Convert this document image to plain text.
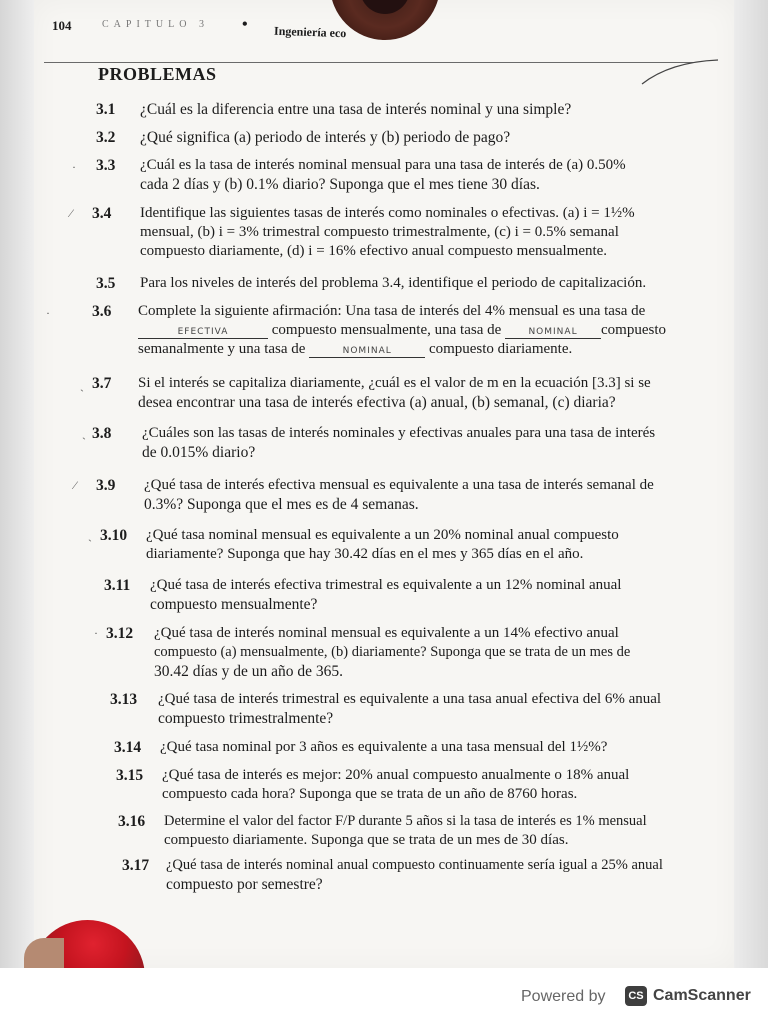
104	CAPITULO 3 • Ingeniería eco
PROBLEMAS
3.1 ¿Cuál es la diferencia entre una tasa de interés nominal y una simple?
3.2 ¿Qué significa (a) periodo de interés y (b) periodo de pago?
3.3 ¿Cuál es la tasa de interés nominal mensual para una tasa de interés de (a) 0.50%
cada 2 días y (b) 0.1% diario? Suponga que el mes tiene 30 días.
·
3.4 Identifique las siguientes tasas de interés como nominales o efectivas. (a) i = 1½%
mensual, (b) i = 3% trimestral compuesto trimestralmente, (c) i = 0.5% semanal
compuesto diariamente, (d) i = 16% efectivo anual compuesto mensualmente.
⁄
3.5 Para los niveles de interés del problema 3.4, identifique el periodo de capitalización.
3.6 Complete la siguiente afirmación: Una tasa de interés del 4% mensual es una tasa de
EFECTIVA	compuesto mensualmente, una tasa de	NOMINAL compuesto
semanalmente y una tasa de	NOMINAL compuesto diariamente.
·
3.7 Si el interés se capitaliza diariamente, ¿cuál es el valor de m en la ecuación [3.3] si se
desea encontrar una tasa de interés efectiva (a) anual, (b) semanal, (c) diaria?
ˎ
3.8 ¿Cuáles son las tasas de interés nominales y efectivas anuales para una tasa de interés
de 0.015% diario?
ˎ
3.9 ¿Qué tasa de interés efectiva mensual es equivalente a una tasa de interés semanal de
0.3%? Suponga que el mes es de 4 semanas.
⁄
3.10 ¿Qué tasa nominal mensual es equivalente a un 20% nominal anual compuesto
diariamente? Suponga que hay 30.42 días en el mes y 365 días en el año.
ˎ
3.11 ¿Qué tasa de interés efectiva trimestral es equivalente a un 12% nominal anual
compuesto mensualmente?
3.12 ¿Qué tasa de interés nominal mensual es equivalente a un 14% efectivo anual
compuesto (a) mensualmente, (b) diariamente? Suponga que se trata de un mes de
30.42 días y de un año de 365.
·
3.13 ¿Qué tasa de interés trimestral es equivalente a una tasa anual efectiva del 6% anual
compuesto trimestralmente?
3.14 ¿Qué tasa nominal por 3 años es equivalente a una tasa mensual del 1½%?
3.15 ¿Qué tasa de interés es mejor: 20% anual compuesto anualmente o 18% anual
compuesto cada hora? Suponga que se trata de un año de 8760 horas.
3.16 Determine el valor del factor F/P durante 5 años si la tasa de interés es 1% mensual
compuesto diariamente. Suponga que se trata de un mes de 30 días.
3.17 ¿Qué tasa de interés nominal anual compuesto continuamente sería igual a 25% anual
compuesto por semestre?
Powered by	CS CamScanner
